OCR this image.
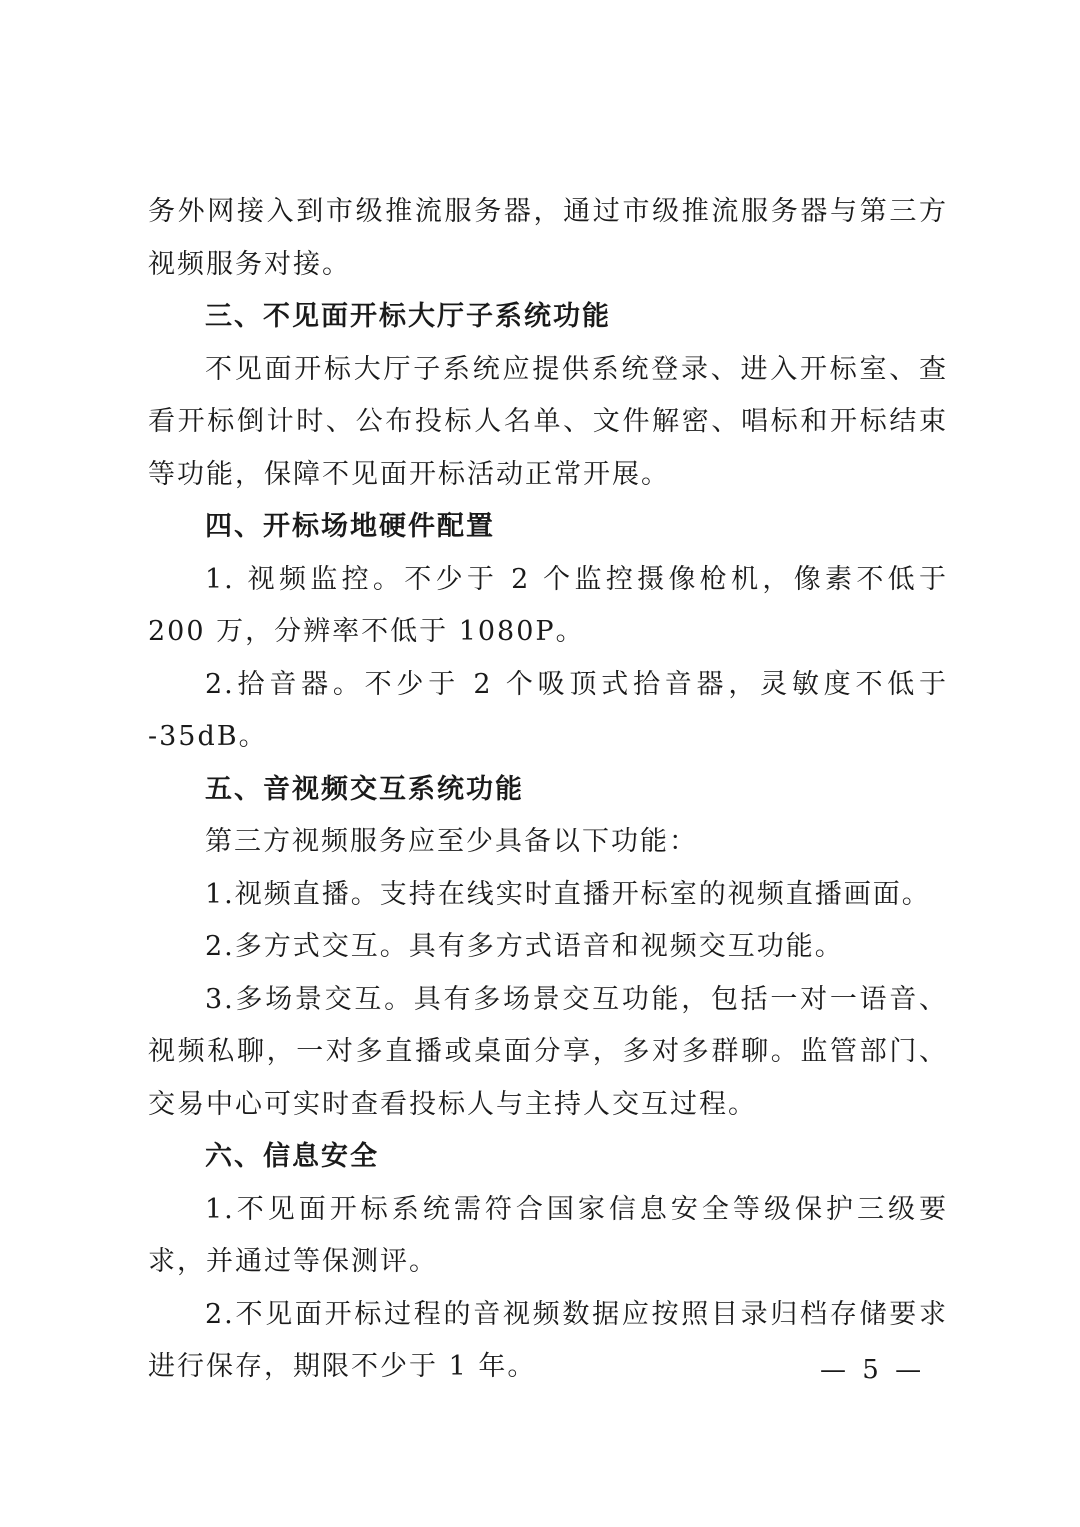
务外网接入到市级推流服务器，通过市级推流服务器与第三方视频服务对接。

三、不见面开标大厅子系统功能

不见面开标大厅子系统应提供系统登录、进入开标室、查看开标倒计时、公布投标人名单、文件解密、唱标和开标结束等功能，保障不见面开标活动正常开展。

四、开标场地硬件配置

1. 视频监控。不少于 2 个监控摄像枪机，像素不低于 200 万，分辨率不低于 1080P。

2.拾音器。不少于 2 个吸顶式拾音器，灵敏度不低于 -35dB。

五、音视频交互系统功能

第三方视频服务应至少具备以下功能：

1.视频直播。支持在线实时直播开标室的视频直播画面。

2.多方式交互。具有多方式语音和视频交互功能。

3.多场景交互。具有多场景交互功能，包括一对一语音、视频私聊，一对多直播或桌面分享，多对多群聊。监管部门、交易中心可实时查看投标人与主持人交互过程。

六、信息安全

1.不见面开标系统需符合国家信息安全等级保护三级要求，并通过等保测评。

2.不见面开标过程的音视频数据应按照目录归档存储要求进行保存，期限不少于 1 年。	— 5 —
